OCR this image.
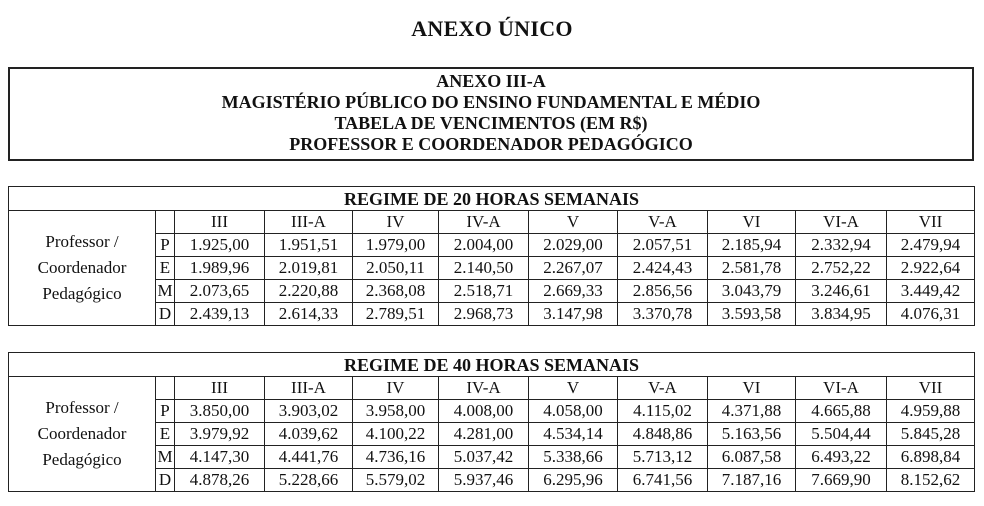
ANEXO ÚNICO
ANEXO III-A
MAGISTÉRIO PÚBLICO DO ENSINO FUNDAMENTAL E MÉDIO
TABELA DE VENCIMENTOS (EM R$)
PROFESSOR E COORDENADOR PEDAGÓGICO
REGIME DE 20 HORAS SEMANAIS										

Professor /
Coordenador
Pedagógico		III	III-A	IV	IV-A	V	V-A	VI	VI-A	VII
	P	1.925,00	1.951,51	1.979,00	2.004,00	2.029,00	2.057,51	2.185,94	2.332,94	2.479,94
	E	1.989,96	2.019,81	2.050,11	2.140,50	2.267,07	2.424,43	2.581,78	2.752,22	2.922,64
	M	2.073,65	2.220,88	2.368,08	2.518,71	2.669,33	2.856,56	3.043,79	3.246,61	3.449,42
	D	2.439,13	2.614,33	2.789,51	2.968,73	3.147,98	3.370,78	3.593,58	3.834,95	4.076,31
REGIME DE 40 HORAS SEMANAIS										

Professor /
Coordenador
Pedagógico		III	III-A	IV	IV-A	V	V-A	VI	VI-A	VII
	P	3.850,00	3.903,02	3.958,00	4.008,00	4.058,00	4.115,02	4.371,88	4.665,88	4.959,88
	E	3.979,92	4.039,62	4.100,22	4.281,00	4.534,14	4.848,86	5.163,56	5.504,44	5.845,28
	M	4.147,30	4.441,76	4.736,16	5.037,42	5.338,66	5.713,12	6.087,58	6.493,22	6.898,84
	D	4.878,26	5.228,66	5.579,02	5.937,46	6.295,96	6.741,56	7.187,16	7.669,90	8.152,62
